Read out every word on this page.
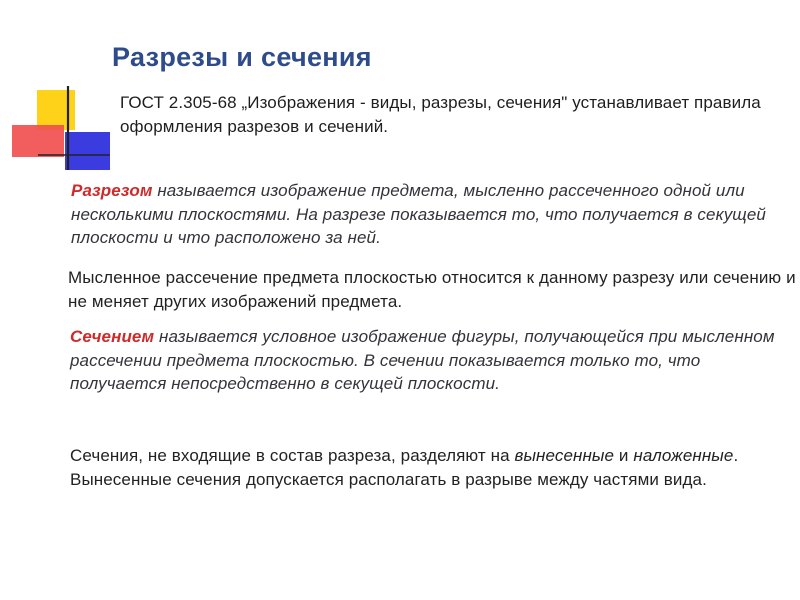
Разрезы и сечения
ГОСТ 2.305-68 „Изображения - виды, разрезы, сечения" устанавливает правила оформления разрезов и сечений.
Разрезом называется изображение предмета, мысленно рассеченного одной или несколькими плоскостями. На разрезе показывается то, что получается в секущей плоскости и что расположено за ней.
Мысленное рассечение предмета плоскостью относится к данному разрезу или сечению и не меняет других изображений предмета.
Сечением называется условное изображение фигуры, получающейся при мысленном рассечении предмета плоскостью. В сечении показывается только то, что получается непосредственно в секущей плоскости.
Сечения, не входящие в состав разреза, разделяют на вынесенные и наложенные. Вынесенные сечения допускается располагать в разрыве между частями вида.
